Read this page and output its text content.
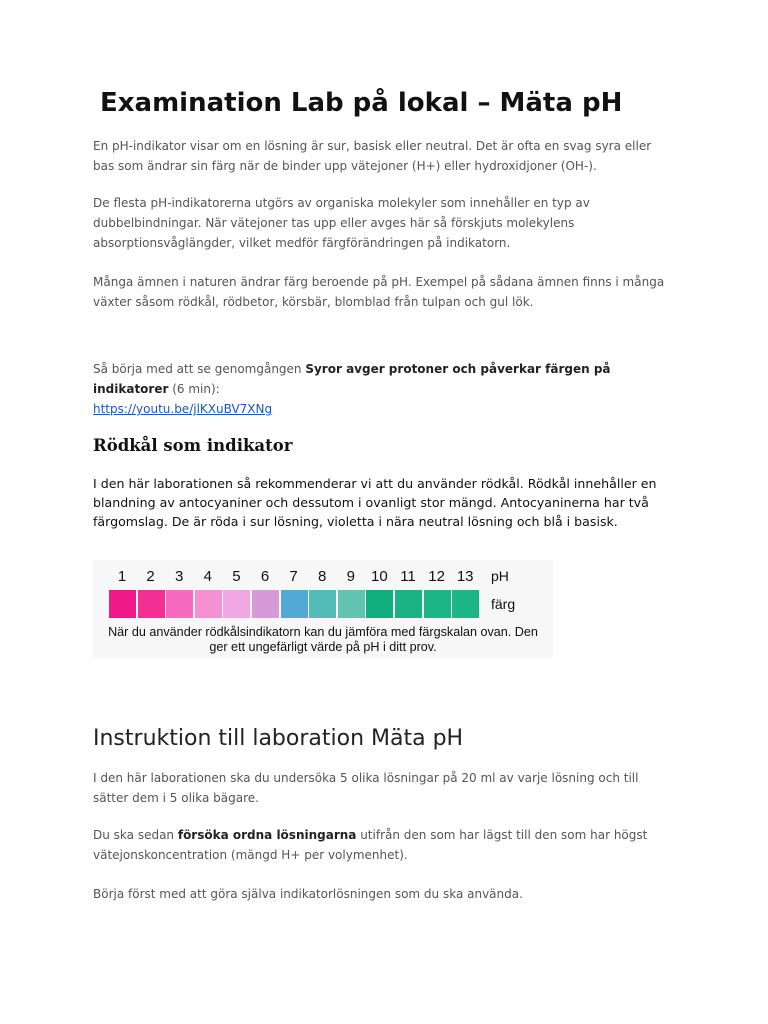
Examination Lab på lokal – Mäta pH

En pH-indikator visar om en lösning är sur, basisk eller neutral. Det är ofta en svag syra eller bas som ändrar sin färg när de binder upp vätejoner (H+) eller hydroxidjoner (OH-).

De flesta pH-indikatorerna utgörs av organiska molekyler som innehåller en typ av dubbelbindningar. När vätejoner tas upp eller avges här så förskjuts molekylens absorptionsvåglängder, vilket medför färgförändringen på indikatorn.

Många ämnen i naturen ändrar färg beroende på pH. Exempel på sådana ämnen finns i många växter såsom rödkål, rödbetor, körsbär, blomblad från tulpan och gul lök.

Så börja med att se genomgången Syror avger protoner och påverkar färgen på indikatorer (6 min):
https://youtu.be/jlKXuBV7XNg

Rödkål som indikator

I den här laborationen så rekommenderar vi att du använder rödkål. Rödkål innehåller en blandning av antocyaniner och dessutom i ovanligt stor mängd. Antocyaninerna har två färgomslag. De är röda i sur lösning, violetta i nära neutral lösning och blå i basisk.

1	2	3	4	5	6	7	8	9	10 11 12 13	pH
färg
När du använder rödkålsindikatorn kan du jämföra med färgskalan ovan. Den
ger ett ungefärligt värde på pH i ditt prov.
Instruktion till laboration Mäta pH

I den här laborationen ska du undersöka 5 olika lösningar på 20 ml av varje lösning och till sätter dem i 5 olika bägare.

Du ska sedan försöka ordna lösningarna utifrån den som har lägst till den som har högst vätejonskoncentration (mängd H+ per volymenhet).

Börja först med att göra själva indikatorlösningen som du ska använda.
